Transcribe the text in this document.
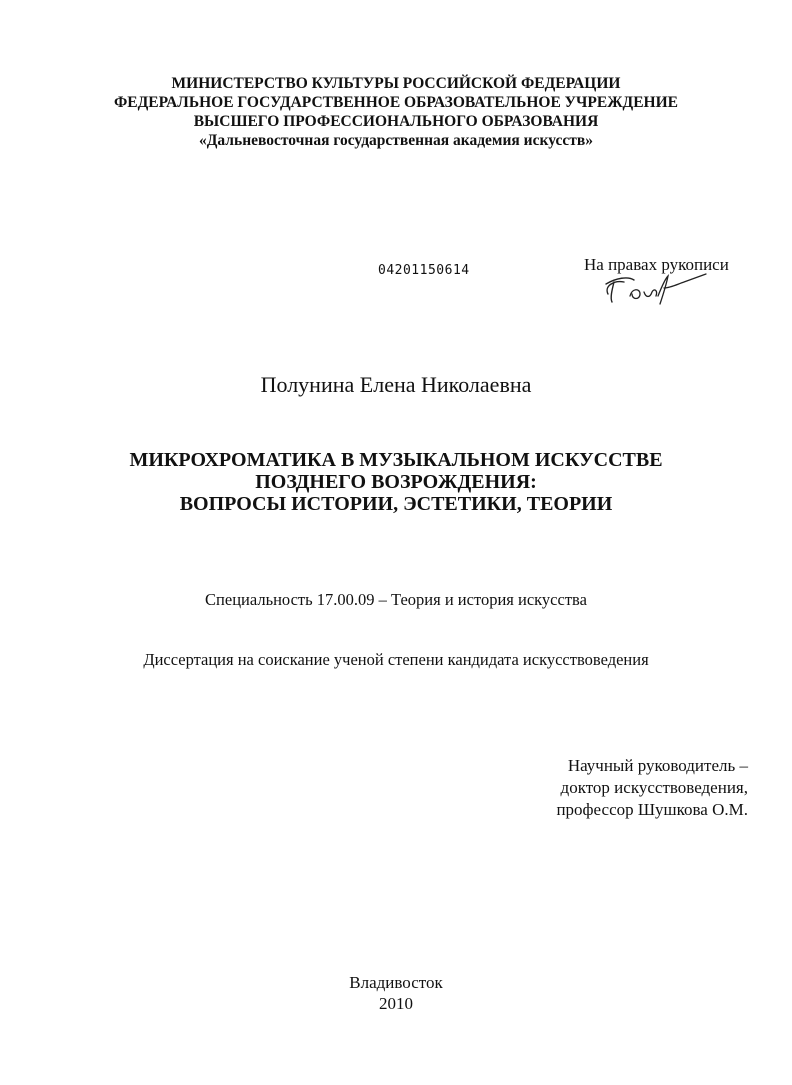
МИНИСТЕРСТВО КУЛЬТУРЫ РОССИЙСКОЙ ФЕДЕРАЦИИ
ФЕДЕРАЛЬНОЕ ГОСУДАРСТВЕННОЕ ОБРАЗОВАТЕЛЬНОЕ УЧРЕЖДЕНИЕ
ВЫСШЕГО ПРОФЕССИОНАЛЬНОГО ОБРАЗОВАНИЯ
«Дальневосточная государственная академия искусств»
04201150614	На правах рукописи
Полунина Елена Николаевна
МИКРОХРОМАТИКА В МУЗЫКАЛЬНОМ ИСКУССТВЕ
ПОЗДНЕГО ВОЗРОЖДЕНИЯ:
ВОПРОСЫ ИСТОРИИ, ЭСТЕТИКИ, ТЕОРИИ
Специальность 17.00.09 – Теория и история искусства
Диссертация на соискание ученой степени кандидата искусствоведения
Научный руководитель –
доктор искусствоведения,
профессор Шушкова О.М.
Владивосток
2010
